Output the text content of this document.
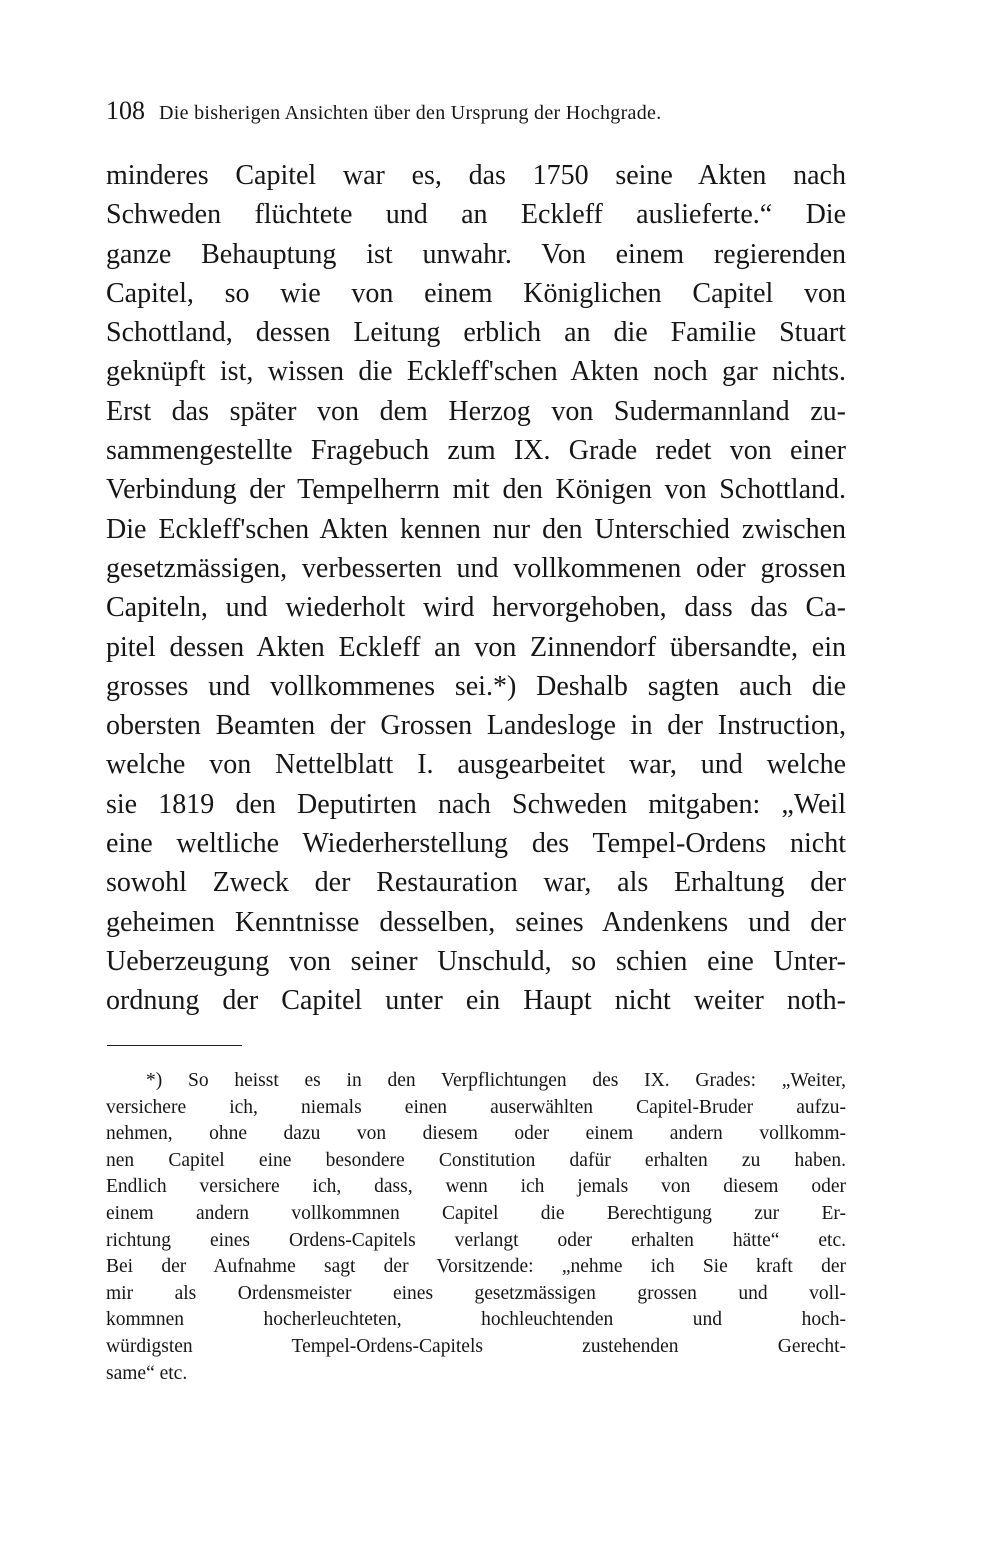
108 Die bisherigen Ansichten über den Ursprung der Hochgrade.
minderes Capitel war es, das 1750 seine Akten nach
Schweden flüchtete und an Eckleff auslieferte.“ Die
ganze Behauptung ist unwahr. Von einem regierenden
Capitel, so wie von einem Königlichen Capitel von
Schottland, dessen Leitung erblich an die Familie Stuart
geknüpft ist, wissen die Eckleff'schen Akten noch gar nichts.
Erst das später von dem Herzog von Sudermannland zu-
sammengestellte Fragebuch zum IX. Grade redet von einer
Verbindung der Tempelherrn mit den Königen von Schottland.
Die Eckleff'schen Akten kennen nur den Unterschied zwischen
gesetzmässigen, verbesserten und vollkommenen oder grossen
Capiteln, und wiederholt wird hervorgehoben, dass das Ca-
pitel dessen Akten Eckleff an von Zinnendorf übersandte, ein
grosses und vollkommenes sei.*) Deshalb sagten auch die
obersten Beamten der Grossen Landesloge in der Instruction,
welche von Nettelblatt I. ausgearbeitet war, und welche
sie 1819 den Deputirten nach Schweden mitgaben: „Weil
eine weltliche Wiederherstellung des Tempel-Ordens nicht
sowohl Zweck der Restauration war, als Erhaltung der
geheimen Kenntnisse desselben, seines Andenkens und der
Ueberzeugung von seiner Unschuld, so schien eine Unter-
ordnung der Capitel unter ein Haupt nicht weiter noth-
*) So heisst es in den Verpflichtungen des IX. Grades: „Weiter,
versichere ich, niemals einen auserwählten Capitel-Bruder aufzu-
nehmen, ohne dazu von diesem oder einem andern vollkomm-
nen Capitel eine besondere Constitution dafür erhalten zu haben.
Endlich versichere ich, dass, wenn ich jemals von diesem oder
einem andern vollkommnen Capitel die Berechtigung zur Er-
richtung eines Ordens-Capitels verlangt oder erhalten hätte“ etc.
Bei der Aufnahme sagt der Vorsitzende: „nehme ich Sie kraft der
mir als Ordensmeister eines gesetzmässigen grossen und voll-
kommnen hocherleuchteten, hochleuchtenden und hoch-
würdigsten Tempel-Ordens-Capitels zustehenden Gerecht-
same“ etc.
